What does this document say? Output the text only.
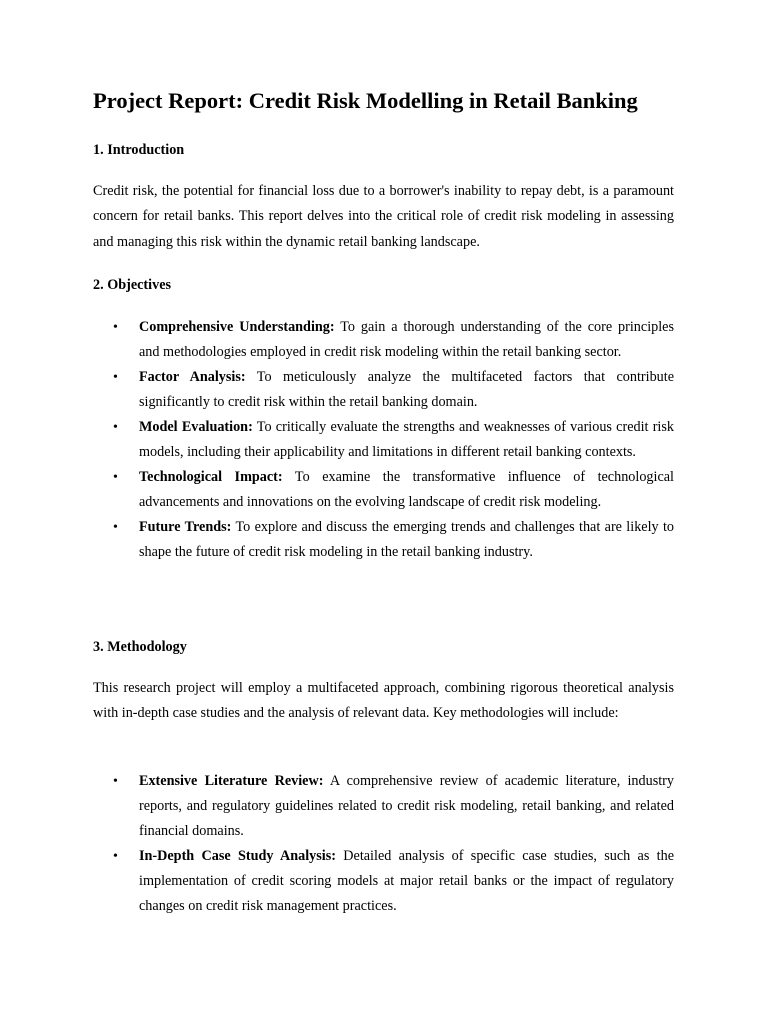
Project Report: Credit Risk Modelling in Retail Banking
1. Introduction

Credit risk, the potential for financial loss due to a borrower's inability to repay debt, is a paramount concern for retail banks. This report delves into the critical role of credit risk modeling in assessing and managing this risk within the dynamic retail banking landscape.

2. Objectives
• Comprehensive Understanding: To gain a thorough understanding of the core principles and methodologies employed in credit risk modeling within the retail banking sector.
• Factor Analysis: To meticulously analyze the multifaceted factors that contribute significantly to credit risk within the retail banking domain.
• Model Evaluation: To critically evaluate the strengths and weaknesses of various credit risk models, including their applicability and limitations in different retail banking contexts.
• Technological Impact: To examine the transformative influence of technological advancements and innovations on the evolving landscape of credit risk modeling.
• Future Trends: To explore and discuss the emerging trends and challenges that are likely to shape the future of credit risk modeling in the retail banking industry.
3. Methodology

This research project will employ a multifaceted approach, combining rigorous theoretical analysis with in-depth case studies and the analysis of relevant data. Key methodologies will include:

• Extensive Literature Review: A comprehensive review of academic literature, industry reports, and regulatory guidelines related to credit risk modeling, retail banking, and related financial domains.
• In-Depth Case Study Analysis: Detailed analysis of specific case studies, such as the implementation of credit scoring models at major retail banks or the impact of regulatory changes on credit risk management practices.
